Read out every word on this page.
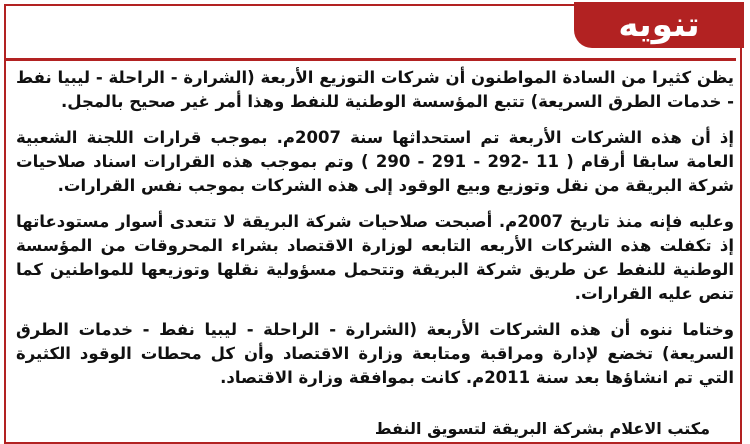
تنويه

يظن كثيرا من السادة المواطنون أن شركات التوزيع الأربعة (الشرارة - الراحلة - ليبيا نفط - خدمات الطرق السريعة) تتبع المؤسسة الوطنية للنفط وهذا أمر غير صحيح بالمجل.

إذ أن هذه الشركات الأربعة تم استحداثها سنة 2007م. بموجب قرارات اللجنة الشعبية العامة سابقا أرقام ( 11 -292 - 291 - 290 ) وتم بموجب هذه القرارات اسناد صلاحيات شركة البريقة من نقل وتوزيع وبيع الوقود إلى هذه الشركات بموجب نفس القرارات.

وعليه فإنه منذ تاريخ 2007م. أصبحت صلاحيات شركة البريقة لا تتعدى أسوار مستودعاتها إذ تكفلت هذه الشركات الأربعه التابعه لوزارة الاقتصاد بشراء المحروقات من المؤسسة الوطنية للنفط عن طريق شركة البريقة وتتحمل مسؤولية نقلها وتوزيعها للمواطنين كما تنص عليه القرارات.

وختاما ننوه أن هذه الشركات الأربعة (الشرارة - الراحلة - ليبيا نفط - خدمات الطرق السريعة) تخضع لإدارة ومراقبة ومتابعة وزارة الاقتصاد وأن كل محطات الوقود الكثيرة التي تم انشاؤها بعد سنة 2011م. كانت بموافقة وزارة الاقتصاد.

مكتب الاعلام بشركة البريقة لتسويق النفط
